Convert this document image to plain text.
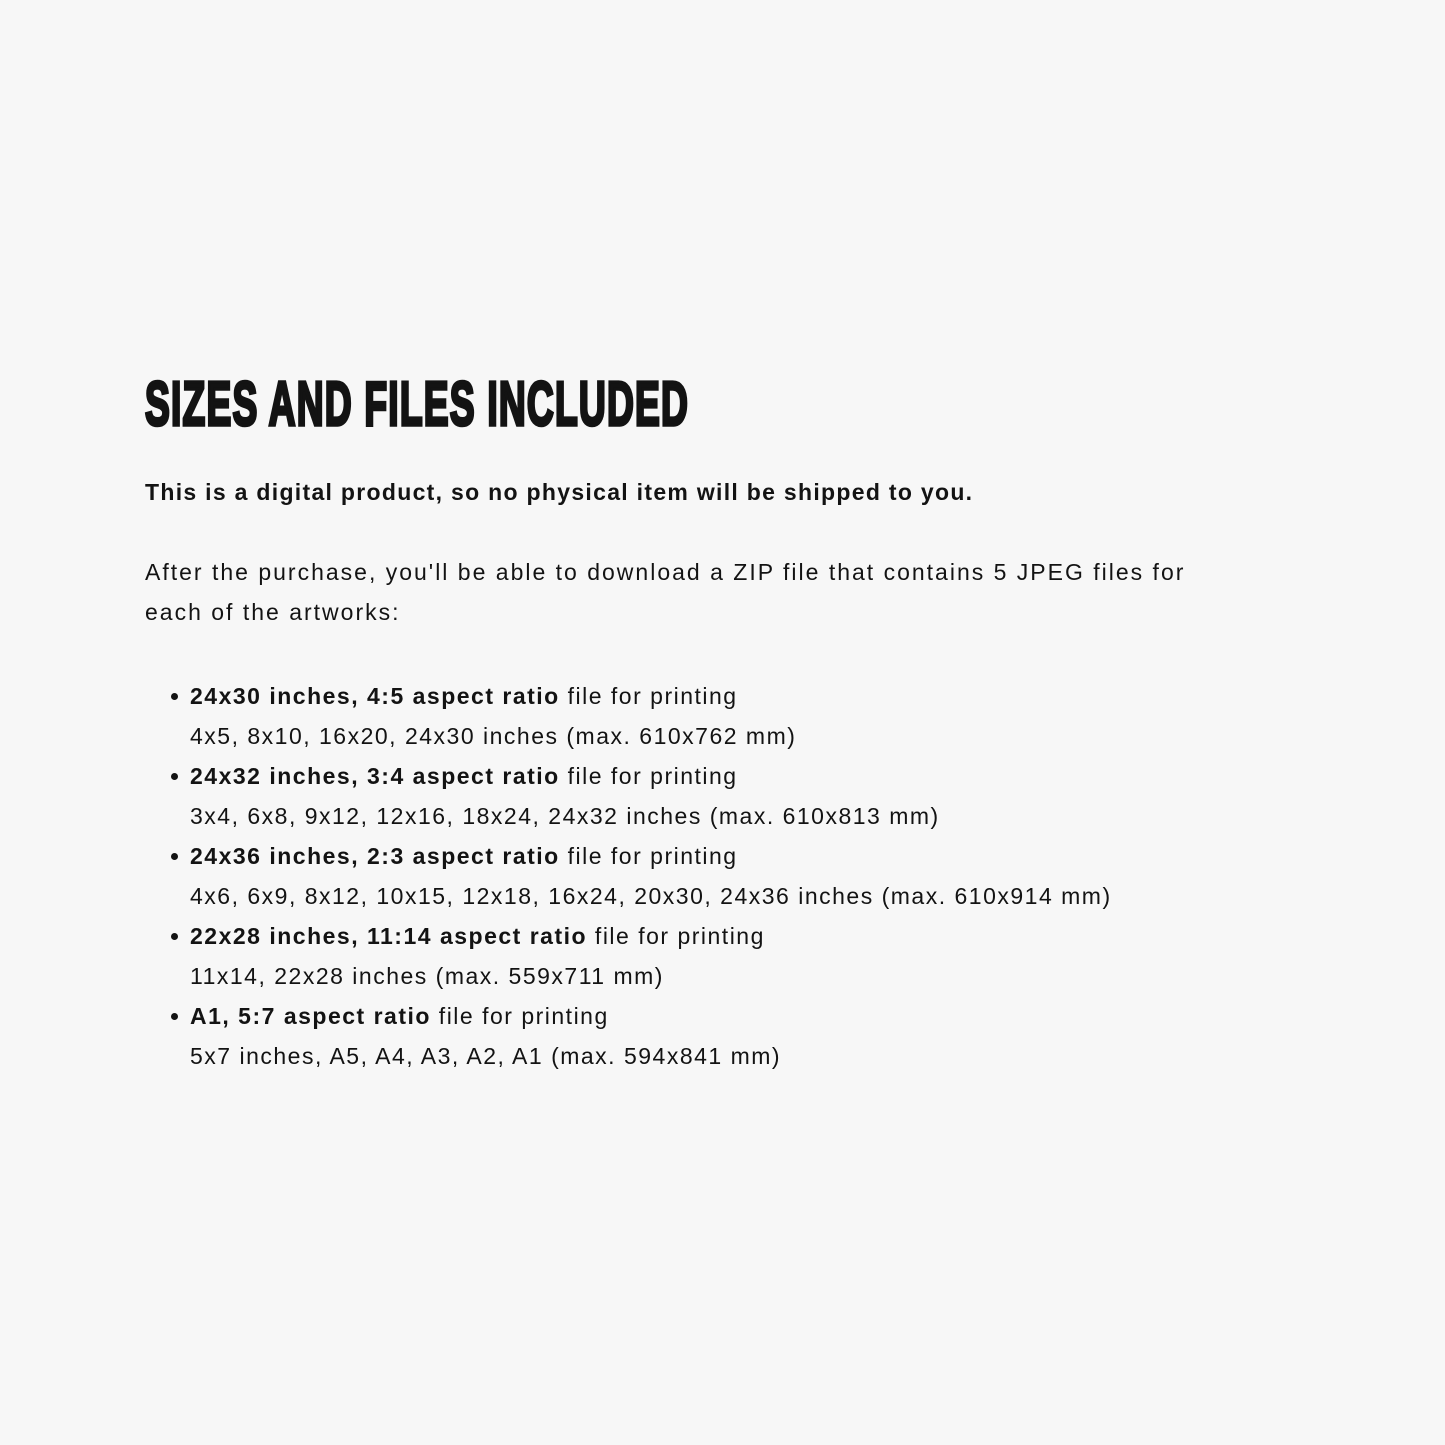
SIZES AND FILES INCLUDED

This is a digital product, so no physical item will be shipped to you.

After the purchase, you'll be able to download a ZIP file that contains 5 JPEG files for
each of the artworks:

24x30 inches, 4:5 aspect ratio file for printing
4x5, 8x10, 16x20, 24x30 inches (max. 610x762 mm)
24x32 inches, 3:4 aspect ratio file for printing
3x4, 6x8, 9x12, 12x16, 18x24, 24x32 inches (max. 610x813 mm)
24x36 inches, 2:3 aspect ratio file for printing
4x6, 6x9, 8x12, 10x15, 12x18, 16x24, 20x30, 24x36 inches (max. 610x914 mm)
22x28 inches, 11:14 aspect ratio file for printing
11x14, 22x28 inches (max. 559x711 mm)
A1, 5:7 aspect ratio file for printing
5x7 inches, A5, A4, A3, A2, A1 (max. 594x841 mm)
